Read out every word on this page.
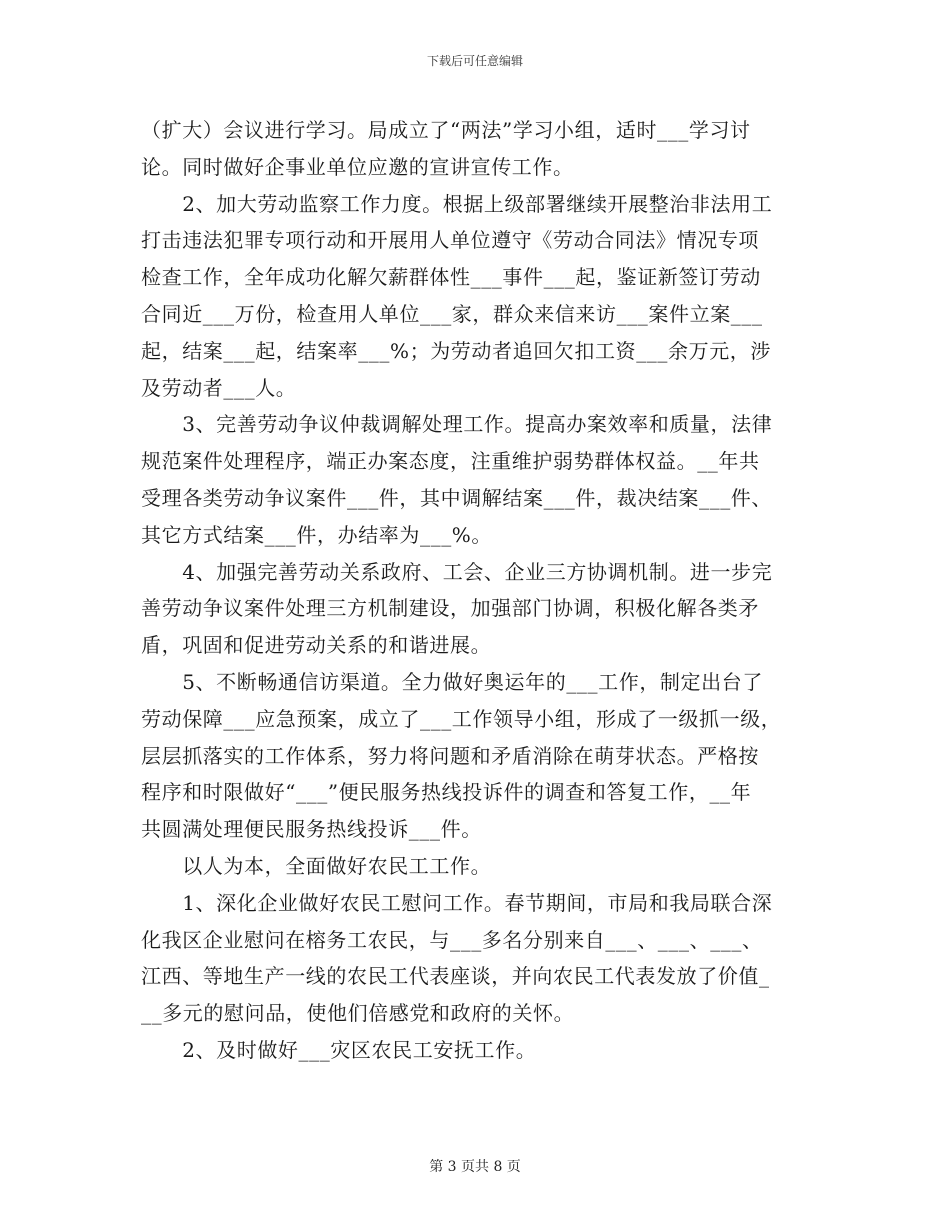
下载后可任意编辑
（扩大）会议进行学习。局成立了“两法”学习小组，适时___学习讨
论。同时做好企事业单位应邀的宣讲宣传工作。
　　2、加大劳动监察工作力度。根据上级部署继续开展整治非法用工
打击违法犯罪专项行动和开展用人单位遵守《劳动合同法》情况专项
检查工作，全年成功化解欠薪群体性___事件___起，鉴证新签订劳动
合同近___万份，检查用人单位___家，群众来信来访___案件立案___
起，结案___起，结案率___%；为劳动者追回欠扣工资___余万元，涉
及劳动者___人。
　　3、完善劳动争议仲裁调解处理工作。提高办案效率和质量，法律
规范案件处理程序，端正办案态度，注重维护弱势群体权益。__年共
受理各类劳动争议案件___件，其中调解结案___件，裁决结案___件、
其它方式结案___件，办结率为___%。
　　4、加强完善劳动关系政府、工会、企业三方协调机制。进一步完
善劳动争议案件处理三方机制建设，加强部门协调，积极化解各类矛
盾，巩固和促进劳动关系的和谐进展。
　　5、不断畅通信访渠道。全力做好奥运年的___工作，制定出台了
劳动保障___应急预案，成立了___工作领导小组，形成了一级抓一级，
层层抓落实的工作体系，努力将问题和矛盾消除在萌芽状态。严格按
程序和时限做好“___”便民服务热线投诉件的调查和答复工作，__年
共圆满处理便民服务热线投诉___件。
　　以人为本，全面做好农民工工作。
　　1、深化企业做好农民工慰问工作。春节期间，市局和我局联合深
化我区企业慰问在榕务工农民，与___多名分别来自___、___、___、
江西、等地生产一线的农民工代表座谈，并向农民工代表发放了价值_
__多元的慰问品，使他们倍感党和政府的关怀。
　　2、及时做好___灾区农民工安抚工作。
第 3 页共 8 页
